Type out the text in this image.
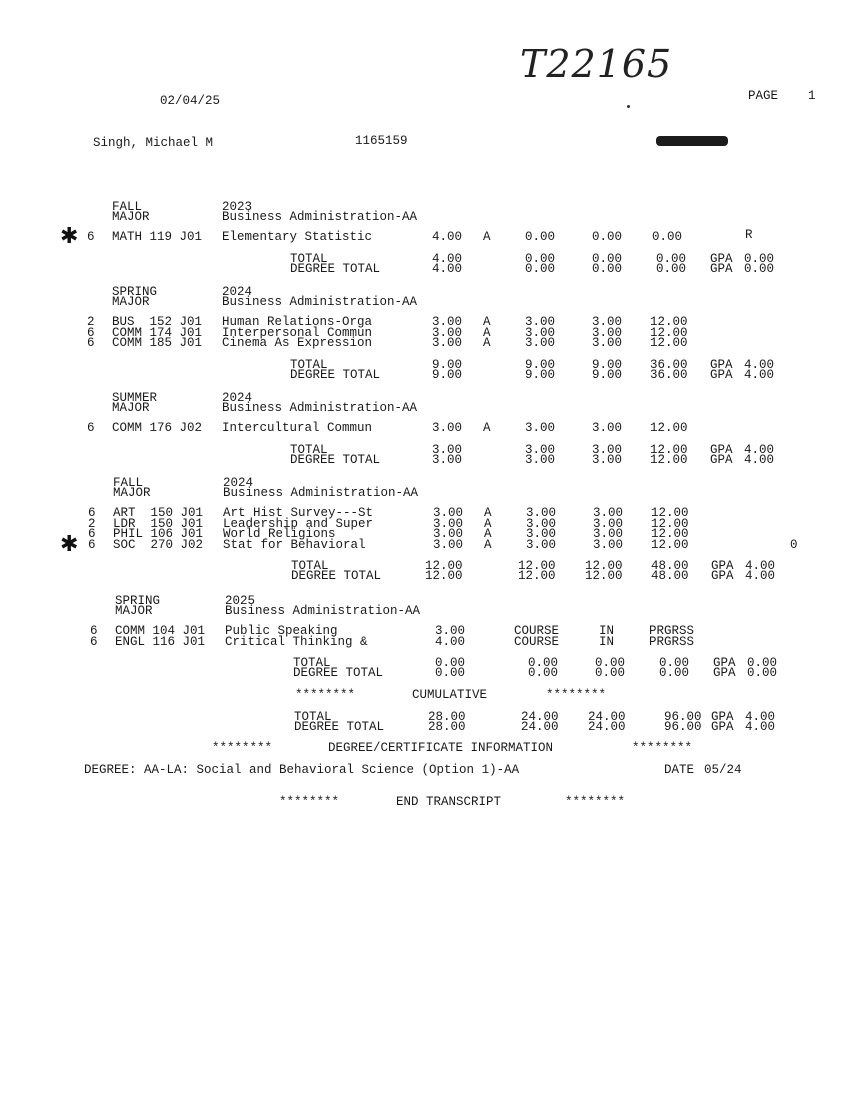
T22165
02/04/25	PAGE 1
Singh, Michael M	1165159
FALL	2023
MAJOR	Business Administration-AA
6 MATH 119 J01 Elementary Statistic	4.00 A	0.00	0.00 0.00	R
TOTAL	4.00	0.00	0.00	0.00 GPA 0.00
DEGREE TOTAL	4.00	0.00	0.00	0.00 GPA 0.00
SPRING	2024
MAJOR	Business Administration-AA
2 BUS  152 J01 Human Relations-Orga	3.00 A	3.00	3.00 12.00
6 COMM 174 J01 Interpersonal Commun	3.00 A	3.00	3.00 12.00
6 COMM 185 J01 Cinema As Expression	3.00 A	3.00	3.00 12.00
TOTAL	9.00	9.00	9.00 36.00 GPA 4.00
DEGREE TOTAL	9.00	9.00	9.00 36.00 GPA 4.00
SUMMER	2024
MAJOR	Business Administration-AA
6 COMM 176 J02 Intercultural Commun	3.00 A	3.00	3.00 12.00
TOTAL	3.00	3.00	3.00 12.00 GPA 4.00
DEGREE TOTAL	3.00	3.00	3.00 12.00 GPA 4.00
FALL	2024
MAJOR	Business Administration-AA
6 ART  150 J01 Art Hist Survey---St	3.00 A	3.00	3.00 12.00
2 LDR  150 J01 Leadership and Super	3.00 A	3.00	3.00 12.00
6 PHIL 106 J01 World Religions	3.00 A	3.00	3.00 12.00
6 SOC  270 J02 Stat for Behavioral	3.00 A	3.00	3.00 12.00	0
TOTAL	12.00	12.00 12.00 48.00 GPA 4.00
DEGREE TOTAL	12.00	12.00 12.00 48.00 GPA 4.00
SPRING	2025
MAJOR	Business Administration-AA
6 COMM 104 J01 Public Speaking	3.00	COURSE	IN	PRGRSS
6 ENGL 116 J01 Critical Thinking &	4.00	COURSE	IN	PRGRSS
TOTAL	0.00	0.00	0.00	0.00 GPA 0.00
DEGREE TOTAL	0.00	0.00	0.00	0.00 GPA 0.00
✱
✱
********	CUMULATIVE	********
TOTAL	28.00	24.00 24.00	96.00 GPA 4.00
DEGREE TOTAL	28.00	24.00 24.00	96.00 GPA 4.00
********	DEGREE/CERTIFICATE INFORMATION	********
DEGREE: AA-LA: Social and Behavioral Science (Option 1)-AA	DATE 05/24
********	END TRANSCRIPT	********
